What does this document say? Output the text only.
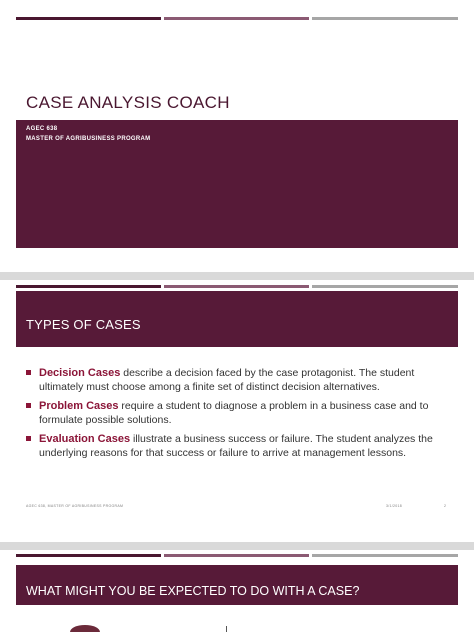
CASE ANALYSIS COACH
AGEC 638
MASTER OF AGRIBUSINESS PROGRAM
TYPES OF CASES
Decision Cases describe a decision faced by the case protagonist. The student ultimately must choose among a finite set of distinct decision alternatives.
Problem Cases require a student to diagnose a problem in a business case and to formulate possible solutions.
Evaluation Cases illustrate a business success or failure. The student analyzes the underlying reasons for that success or failure to arrive at management lessons.
AGEC 638, MASTER OF AGRIBUSINESS PROGRAM	3/1/2018	2
WHAT MIGHT YOU BE EXPECTED TO DO WITH A CASE?
